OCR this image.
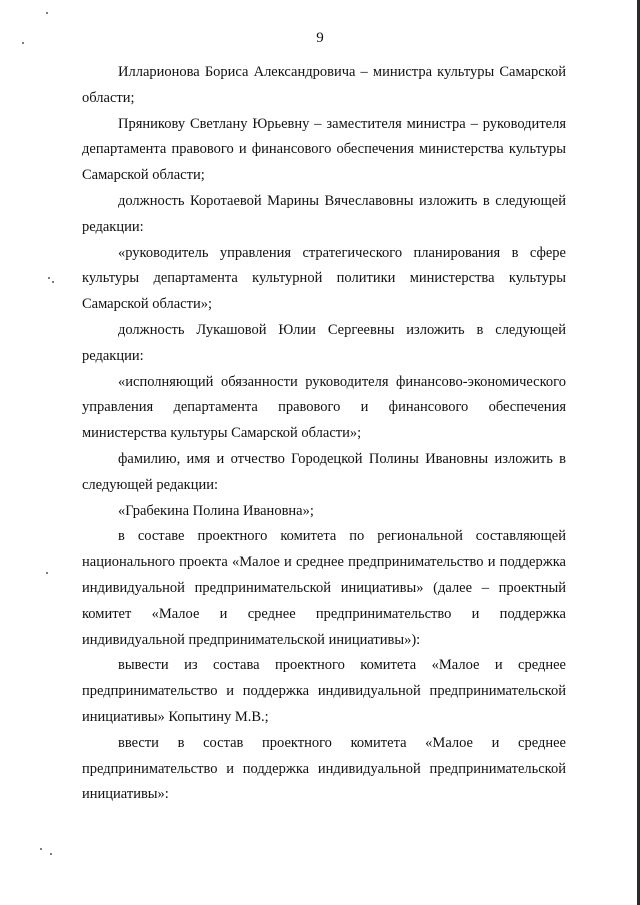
9

Илларионова Бориса Александровича – министра культуры Самарской области;

Пряникову Светлану Юрьевну – заместителя министра – руководителя департамента правового и финансового обеспечения министерства культуры Самарской области;

должность Коротаевой Марины Вячеславовны изложить в следующей редакции:

«руководитель управления стратегического планирования в сфере культуры департамента культурной политики министерства культуры Самарской области»;

должность Лукашовой Юлии Сергеевны изложить в следующей редакции:

«исполняющий обязанности руководителя финансово-экономического управления департамента правового и финансового обеспечения министерства культуры Самарской области»;

фамилию, имя и отчество Городецкой Полины Ивановны изложить в следующей редакции:

«Грабекина Полина Ивановна»;

в составе проектного комитета по региональной составляющей национального проекта «Малое и среднее предпринимательство и поддержка индивидуальной предпринимательской инициативы» (далее – проектный комитет «Малое и среднее предпринимательство и поддержка индивидуальной предпринимательской инициативы»):

вывести из состава проектного комитета «Малое и среднее предпринимательство и поддержка индивидуальной предпринимательской инициативы» Копытину М.В.;

ввести в состав проектного комитета «Малое и среднее предпринимательство и поддержка индивидуальной предпринимательской инициативы»:
